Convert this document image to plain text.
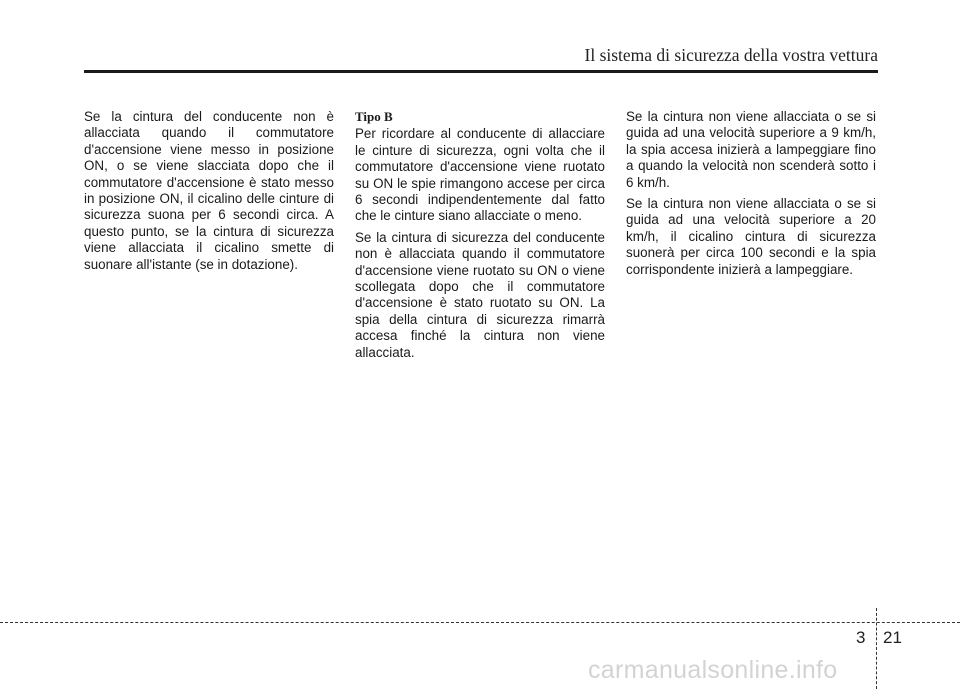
Il sistema di sicurezza della vostra vettura

Se la cintura del conducente non è allacciata quando il commutatore d'accensione viene messo in posizione ON, o se viene slacciata dopo che il commutatore d'accensione è stato messo in posizione ON, il cicalino delle cinture di sicurezza suona per 6 secondi circa. A questo punto, se la cintura di sicurezza viene allacciata il cicalino smette di suonare all'istante (se in dotazione).

Tipo B

Per ricordare al conducente di allacciare le cinture di sicurezza, ogni volta che il commutatore d'accensione viene ruotato su ON le spie rimangono accese per circa 6 secondi indipendentemente dal fatto che le cinture siano allacciate o meno.

Se la cintura di sicurezza del conducente non è allacciata quando il commutatore d'accensione viene ruotato su ON o viene scollegata dopo che il commutatore d'accensione è stato ruotato su ON. La spia della cintura di sicurezza rimarrà accesa finché la cintura non viene allacciata.

Se la cintura non viene allacciata o se si guida ad una velocità superiore a 9 km/h, la spia accesa inizierà a lampeggiare fino a quando la velocità non scenderà sotto i 6 km/h.

Se la cintura non viene allacciata o se si guida ad una velocità superiore a 20 km/h, il cicalino cintura di sicurezza suonerà per circa 100 secondi e la spia corrispondente inizierà a lampeggiare.

3 21
carmanualsonline.info
